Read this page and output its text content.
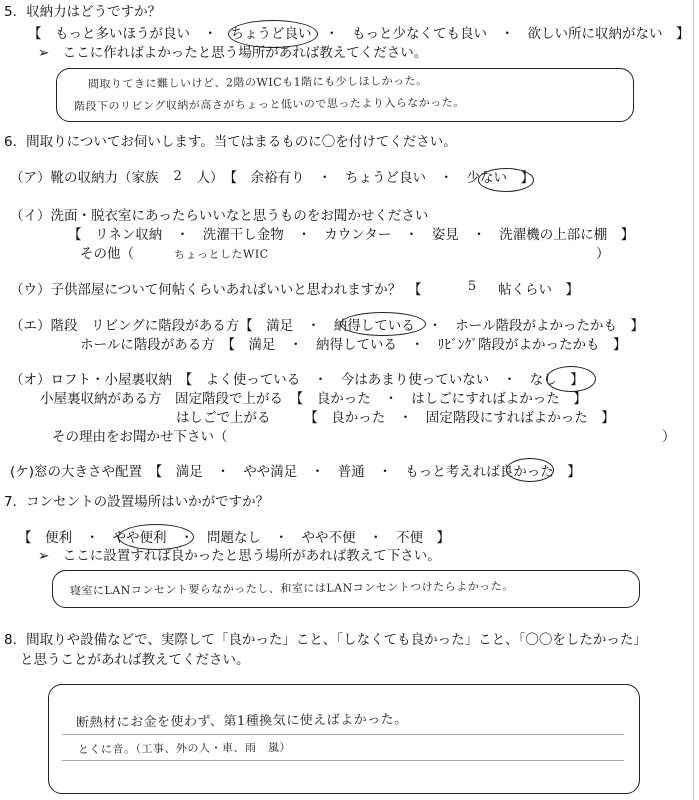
5．収納力はどうですか？
【　もっと多いほうが良い　・　ちょうど良い　・　もっと少なくても良い　・　欲しい所に収納がない　】
➢　ここに作ればよかったと思う場所があれば教えてください。
間取りてきに難しいけど、2階のWICも1階にも少しほしかった。
階段下のリビング収納が高さがちょっと低いので思ったより入らなかった。
6．間取りについてお伺いします。当てはまるものに〇を付けてください。
（ア）靴の収納力（家族 2 人）　【　余裕有り　・　ちょうど良い　・　少ない　】
（イ）洗面・脱衣室にあったらいいなと思うものをお聞かせください
【　リネン収納　・　洗濯干し金物　・　カウンター　・　姿見　・　洗濯機の上部に棚　】
その他（	ちょっとしたWIC	）
（ウ）子供部屋について何帖くらいあればいいと思われますか？　【	5 帖くらい　】
（エ）階段　リビングに階段がある方【　満足　・　納得している　・　ホール階段がよかったかも　】
ホールに階段がある方　【　満足　・　納得している　・　ﾘﾋﾞﾝｸﾞ階段がよかったかも　】
（オ）ロフト・小屋裏収納　【　よく使っている　・　今はあまり使っていない　・　なし　】
小屋裏収納がある方　固定階段で上がる　【　良かった　・　はしごにすればよかった　】
はしごで上がる　　　【　良かった　・　固定階段にすればよかった　】
その理由をお聞かせ下さい（	）
(ケ)窓の大きさや配置　【　満足　・　やや満足　・　普通　・　もっと考えれば良かった　】
7．コンセントの設置場所はいかがですか？
【　便利　・　やや便利　・　問題なし　・　やや不便　・　不便　】
➢　ここに設置すれば良かったと思う場所があれば教えて下さい。
寝室にLANコンセント要らなかったし、和室にはLANコンセントつけたらよかった。
8．間取りや設備などで、実際して「良かった」こと、「しなくても良かった」こと、「〇〇をしたかった」
と思うことがあれば教えてください。
断熱材にお金を使わず、第1種換気に使えばよかった。
とくに音。（工事、外の人・車、雨　嵐）
